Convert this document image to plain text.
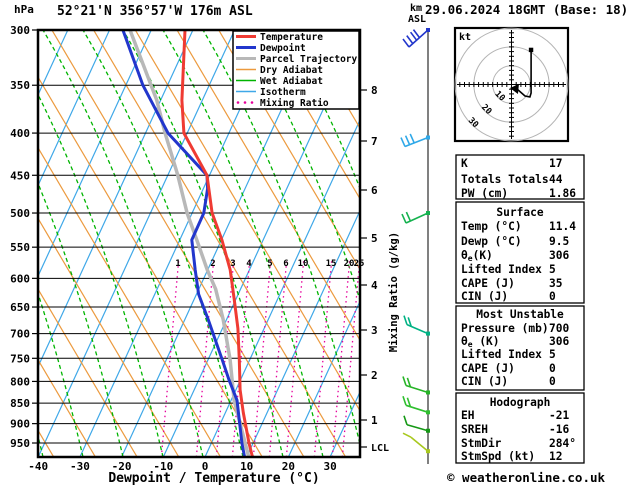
1	2 3 4 5 6 10 15 20 25
Temperature
Dewpoint
Parcel Trajectory
Dry Adiabat
Wet Adiabat
Isotherm
Mixing Ratio
300
350
400
450
500
550
600
650
700
750
800
850
900
950
-40 -30 -20 -10	0	10	20	30
Dewpoint / Temperature (°C)
8
7
6
5
4
3
2
1
LCL
Mixing Ratio (g/kg)
hPa 52°21'N 356°57'W 176m ASL	km
ASL
29.06.2024 18GMT (Base: 18)
10
20
30
kt
K	17
Totals Totals 44
PW (cm)	1.86
Surface
Temp (°C) 11.4
Dewp (°C) 9.5
θe(K)	306
Lifted Index 5
CAPE (J)	35
CIN (J)	0
Most Unstable
Pressure (mb) 700
θe (K)	306
Lifted Index 5
CAPE (J)	0
CIN (J)	0
Hodograph
EH	-21
SREH	-16
StmDir	284°
StmSpd (kt) 12
© weatheronline.co.uk
